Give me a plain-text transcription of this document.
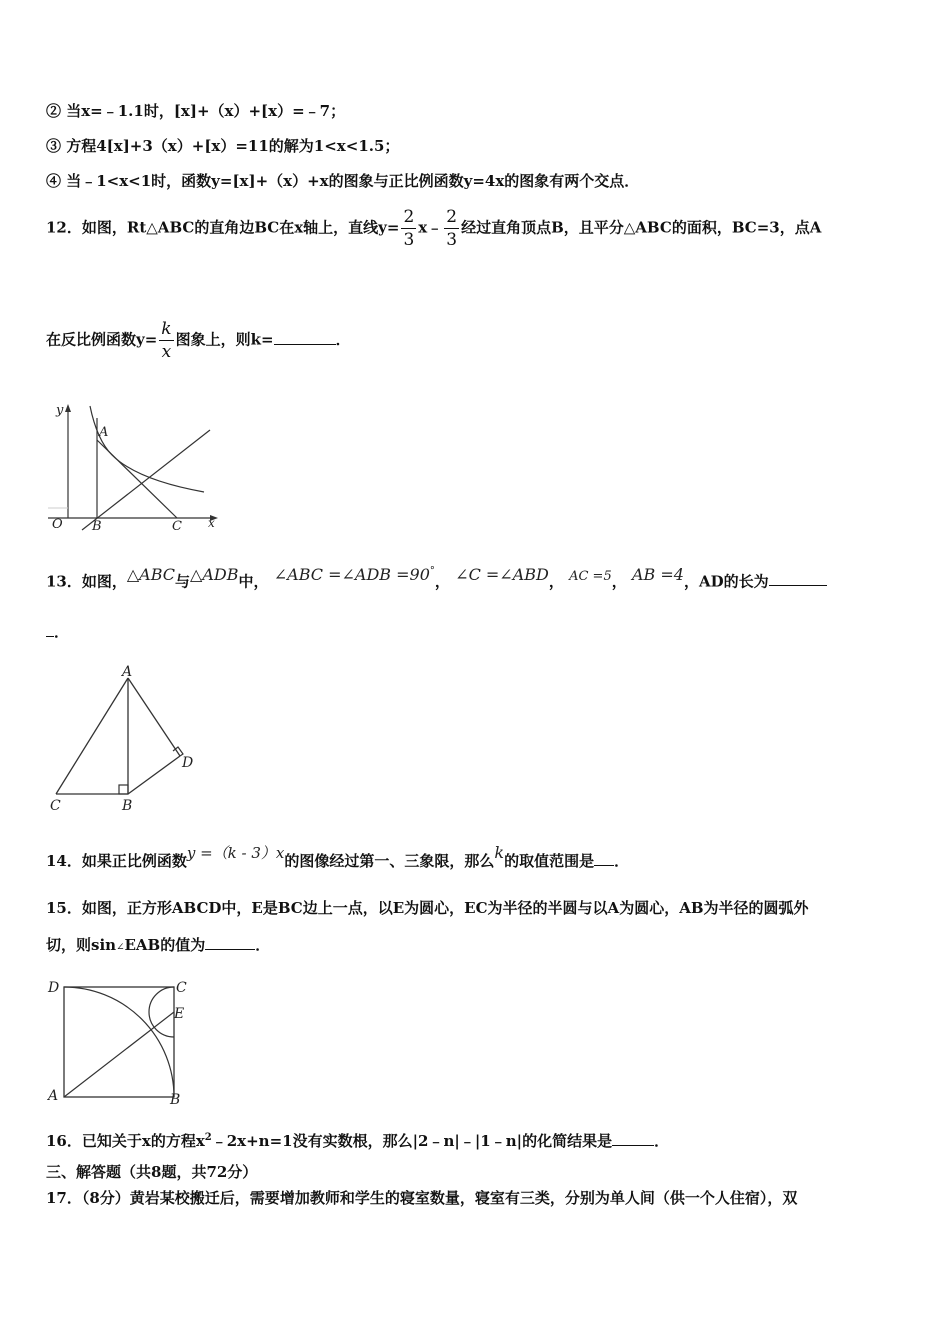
② 当x=﹣1.1时，[x]+（x）+[x）=﹣7；
③ 方程4[x]+3（x）+[x）=11的解为1<x<1.5；
④ 当﹣1<x<1时，函数y=[x]+（x）+x的图象与正比例函数y=4x的图象有两个交点．
12．如图，Rt△ABC的直角边BC在x轴上，直线$y= \frac{2}{3}$ x﹣ $\frac{2}{3}$ 经过直角顶点B，且平分△ABC的面积，BC=3，点A
在反比例函数$y= \frac{k}{x}$ 图象上，则k=	．
y
A
O B	C x
13．如图，△ABC与△ADB中， ∠ABC =∠ADB =90°， ∠C =∠ABD， AC =5， AB =4，AD的长为
．
A
C	B
D
14．如果正比例函数y =（k - 3）x的图像经过第一、三象限，那么k的取值范围是 ．
15．如图，正方形ABCD中，E是BC边上一点，以E为圆心，EC为半径的半圆与以A为圆心，AB为半径的圆弧外
切，则sin∠EAB的值为	．
D	C
E
A	B
16．已知关于x的方程$x^2﹣2x+n=1$没有实数根，那么|2﹣n|﹣|1﹣n|的化简结果是	．
三、解答题（共8题，共72分）
17．（8分）黄岩某校搬迁后，需要增加教师和学生的寝室数量，寝室有三类，分别为单人间（供一个人住宿），双
